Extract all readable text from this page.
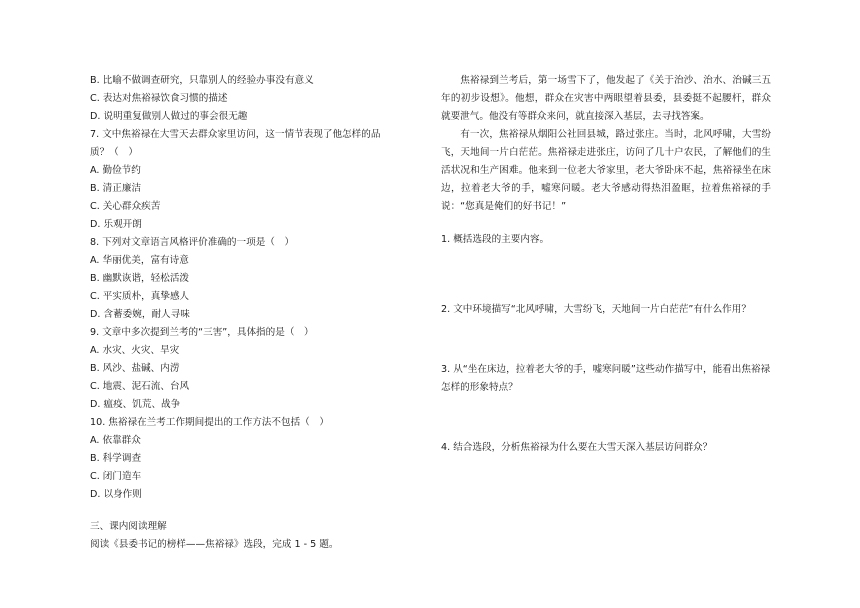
B. 比喻不做调查研究，只靠别人的经验办事没有意义
C. 表达对焦裕禄饮食习惯的描述
D. 说明重复做别人做过的事会很无趣
7. 文中焦裕禄在大雪天去群众家里访问，这一情节表现了他怎样的品
质？（　）
A. 勤俭节约
B. 清正廉洁
C. 关心群众疾苦
D. 乐观开朗
8. 下列对文章语言风格评价准确的一项是（　）
A. 华丽优美，富有诗意
B. 幽默诙谐，轻松活泼
C. 平实质朴，真挚感人
D. 含蓄委婉，耐人寻味
9. 文章中多次提到兰考的“三害”，具体指的是（　）
A. 水灾、火灾、旱灾
B. 风沙、盐碱、内涝
C. 地震、泥石流、台风
D. 瘟疫、饥荒、战争
10. 焦裕禄在兰考工作期间提出的工作方法不包括（　）
A. 依靠群众
B. 科学调查
C. 闭门造车
D. 以身作则
三、课内阅读理解
阅读《县委书记的榜样——焦裕禄》选段，完成 1 - 5 题。

焦裕禄到兰考后，第一场雪下了，他发起了《关于治沙、治水、治碱三五年的初步设想》。他想，群众在灾害中两眼望着县委，县委挺不起腰杆，群众就要泄气。他没有等群众来问，就直接深入基层，去寻找答案。

有一次，焦裕禄从烟阳公社回县城，路过张庄。当时，北风呼啸，大雪纷飞，天地间一片白茫茫。焦裕禄走进张庄，访问了几十户农民，了解他们的生活状况和生产困难。他来到一位老大爷家里，老大爷卧床不起，焦裕禄坐在床边，拉着老大爷的手，嘘寒问暖。老大爷感动得热泪盈眶，拉着焦裕禄的手说：“您真是俺们的好书记！”

1. 概括选段的主要内容。

2. 文中环境描写“北风呼啸，大雪纷飞，天地间一片白茫茫”有什么作用？

3. 从“坐在床边，拉着老大爷的手，嘘寒问暖”这些动作描写中，能看出焦裕禄怎样的形象特点？

4. 结合选段，分析焦裕禄为什么要在大雪天深入基层访问群众？
